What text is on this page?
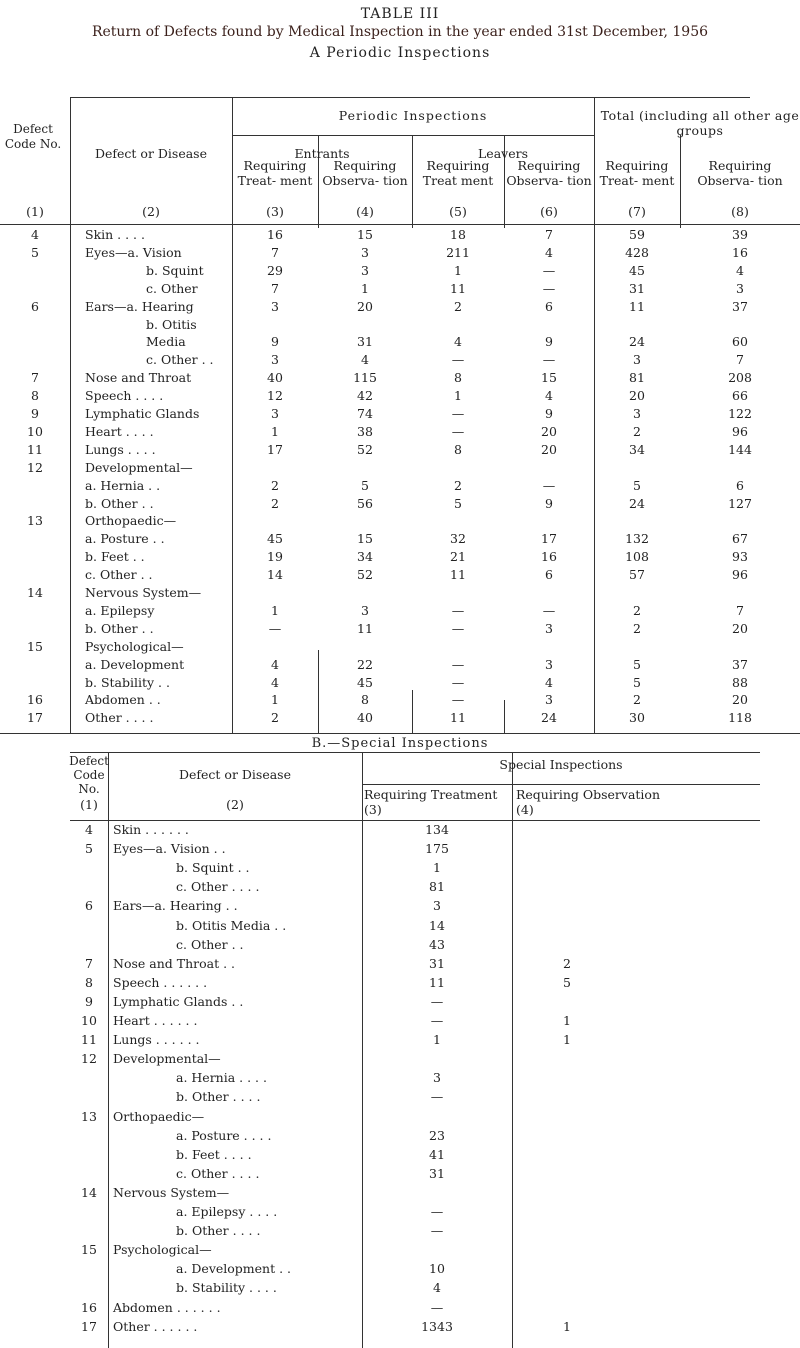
TABLE III
Return of Defects found by Medical Inspection in the year ended 31st December, 1956
A Periodic Inspections
Defect Code No.
(1)
Defect or Disease
(2)
Periodic Inspections
Entrants	Leavers
Total (including all other age groups
Requiring Treat- ment
(3)
Requiring Observa- tion
(4)
Requiring Treat ment
(5)
Requiring Observa- tion
(6)
Requiring Treat- ment
(7)
Requiring Observa- tion
(8)
4	Skin . . . .	16	15	18	7	59	39
5	Eyes—a. Vision	7	3	211	4	428	16
b. Squint	29	3	1	—	45	4
c. Other	7	1	11	—	31	3
6	Ears—a. Hearing	3	20	2	6	11	37
b. Otitis
Media	9	31	4	9	24	60
c. Other . .	3	4	—	—	3	7
7	Nose and Throat	40	115	8	15	81	208
8	Speech . . . .	12	42	1	4	20	66
9	Lymphatic Glands	3	74	—	9	3	122
10	Heart . . . .	1	38	—	20	2	96
11	Lungs . . . .	17	52	8	20	34	144
12	Developmental—
a. Hernia . .	2	5	2	—	5	6
b. Other . .	2	56	5	9	24	127
13	Orthopaedic—
a. Posture . .	45	15	32	17	132	67
b. Feet . .	19	34	21	16	108	93
c. Other . .	14	52	11	6	57	96
14	Nervous System—
a. Epilepsy	1	3	—	—	2	7
b. Other . .	—	11	—	3	2	20
15	Psychological—
a. Development	4	22	—	3	5	37
b. Stability . .	4	45	—	4	5	88
16	Abdomen . .	1	8	—	3	2	20
17	Other . . . .	2	40	11	24	30	118
B.—Special Inspections
Defect Code No.
(1)
Defect or Disease
(2)
Special Inspections
Requiring Treatment
(3)
Requiring Observation
(4)
4	Skin . . . . . .	134
5	Eyes—a. Vision . .	175
b. Squint . .	1
c. Other . . . .	81
6	Ears—a. Hearing . .	3
b. Otitis Media . .	14
c. Other . .	43
7	Nose and Throat . .	31	2
8	Speech . . . . . .	11	5
9	Lymphatic Glands . .	—
10	Heart . . . . . .	—	1
11	Lungs . . . . . .	1	1
12	Developmental—
a. Hernia . . . .	3
b. Other . . . .	—
13	Orthopaedic—
a. Posture . . . .	23
b. Feet . . . .	41
c. Other . . . .	31
14	Nervous System—
a. Epilepsy . . . .	—
b. Other . . . .	—
15	Psychological—
a. Development . .	10
b. Stability . . . .	4
16	Abdomen . . . . . .	—
17	Other . . . . . .	1343	1
